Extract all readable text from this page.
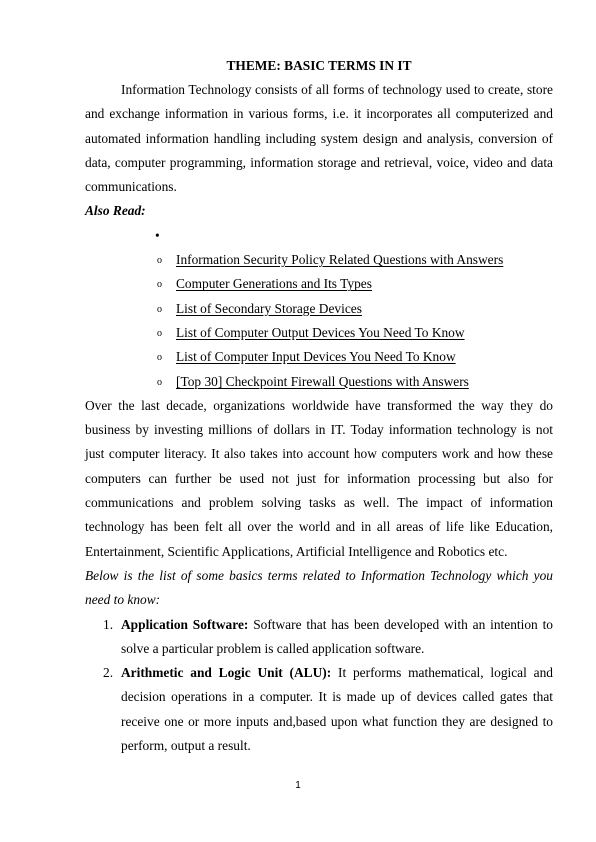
THEME: BASIC TERMS IN IT

Information Technology consists of all forms of technology used to create, store and exchange information in various forms, i.e. it incorporates all computerized and automated information handling including system design and analysis, conversion of data, computer programming, information storage and retrieval, voice, video and data communications.

Also Read:

•
o Information Security Policy Related Questions with Answers
o Computer Generations and Its Types
o List of Secondary Storage Devices
o List of Computer Output Devices You Need To Know
o List of Computer Input Devices You Need To Know
o [Top 30] Checkpoint Firewall Questions with Answers

Over the last decade, organizations worldwide have transformed the way they do business by investing millions of dollars in IT. Today information technology is not just computer literacy. It also takes into account how computers work and how these computers can further be used not just for information processing but also for communications and problem solving tasks as well. The impact of information technology has been felt all over the world and in all areas of life like Education, Entertainment, Scientific Applications, Artificial Intelligence and Robotics etc.

Below is the list of some basics terms related to Information Technology which you need to know:

1. Application Software: Software that has been developed with an intention to solve a particular problem is called application software.
2. Arithmetic and Logic Unit (ALU): It performs mathematical, logical and decision operations in a computer. It is made up of devices called gates that receive one or more inputs and,based upon what function they are designed to perform, output a result.
1
